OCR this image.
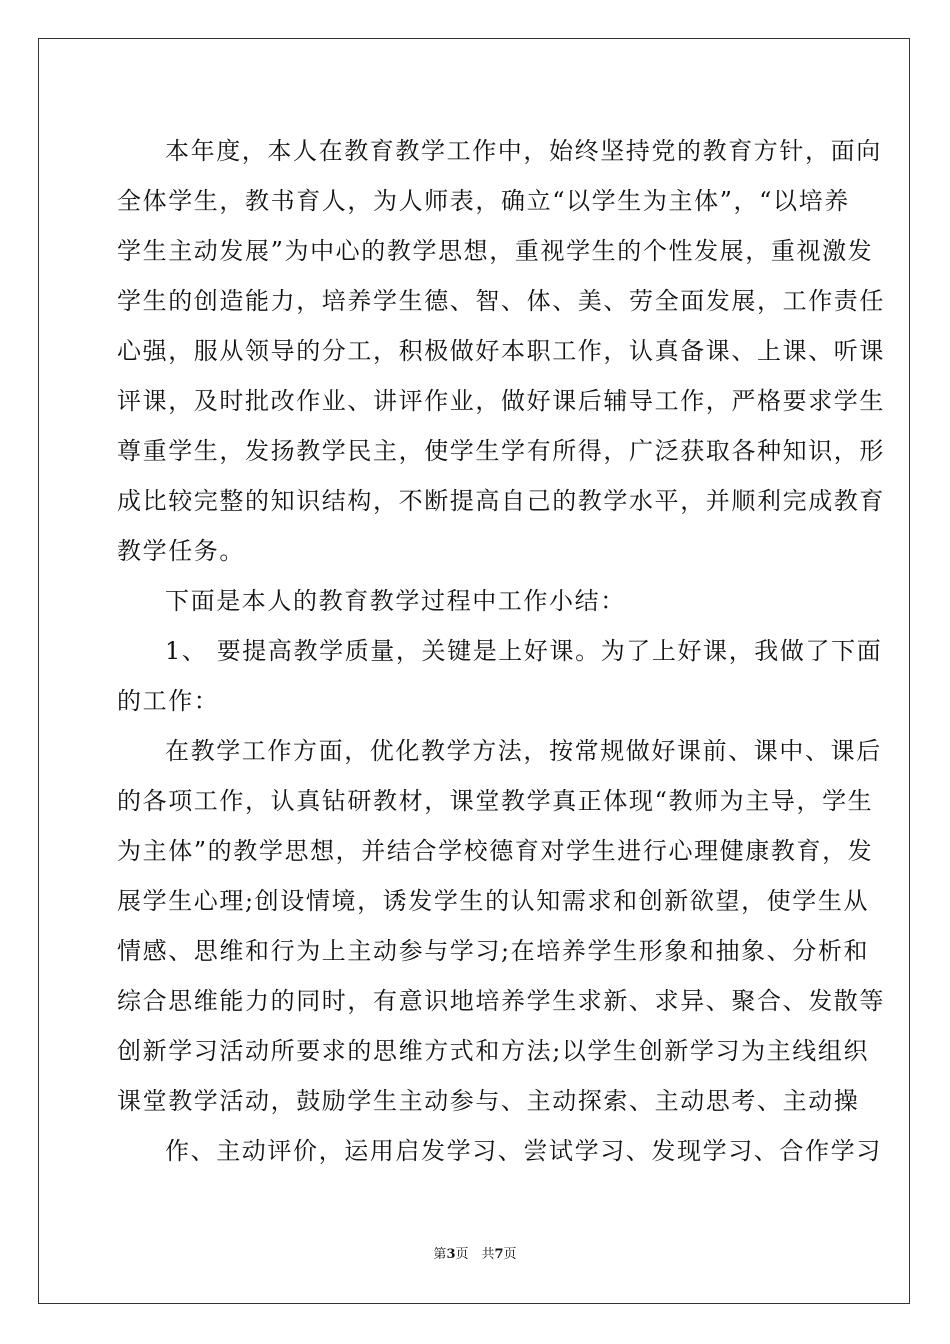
本年度，本人在教育教学工作中，始终坚持党的教育方针，面向
全体学生，教书育人，为人师表，确立“以学生为主体”，“以培养
学生主动发展”为中心的教学思想，重视学生的个性发展，重视激发
学生的创造能力，培养学生德、智、体、美、劳全面发展，工作责任
心强，服从领导的分工，积极做好本职工作，认真备课、上课、听课
评课，及时批改作业、讲评作业，做好课后辅导工作，严格要求学生
尊重学生，发扬教学民主，使学生学有所得，广泛获取各种知识，形
成比较完整的知识结构，不断提高自己的教学水平，并顺利完成教育
教学任务。
下面是本人的教育教学过程中工作小结：
1、 要提高教学质量，关键是上好课。为了上好课，我做了下面
的工作：
在教学工作方面，优化教学方法，按常规做好课前、课中、课后
的各项工作，认真钻研教材，课堂教学真正体现“教师为主导，学生
为主体”的教学思想，并结合学校德育对学生进行心理健康教育，发
展学生心理;创设情境，诱发学生的认知需求和创新欲望，使学生从
情感、思维和行为上主动参与学习;在培养学生形象和抽象、分析和
综合思维能力的同时，有意识地培养学生求新、求异、聚合、发散等
创新学习活动所要求的思维方式和方法;以学生创新学习为主线组织
课堂教学活动，鼓励学生主动参与、主动探索、主动思考、主动操
作、主动评价，运用启发学习、尝试学习、发现学习、合作学习
第3页　共7页
